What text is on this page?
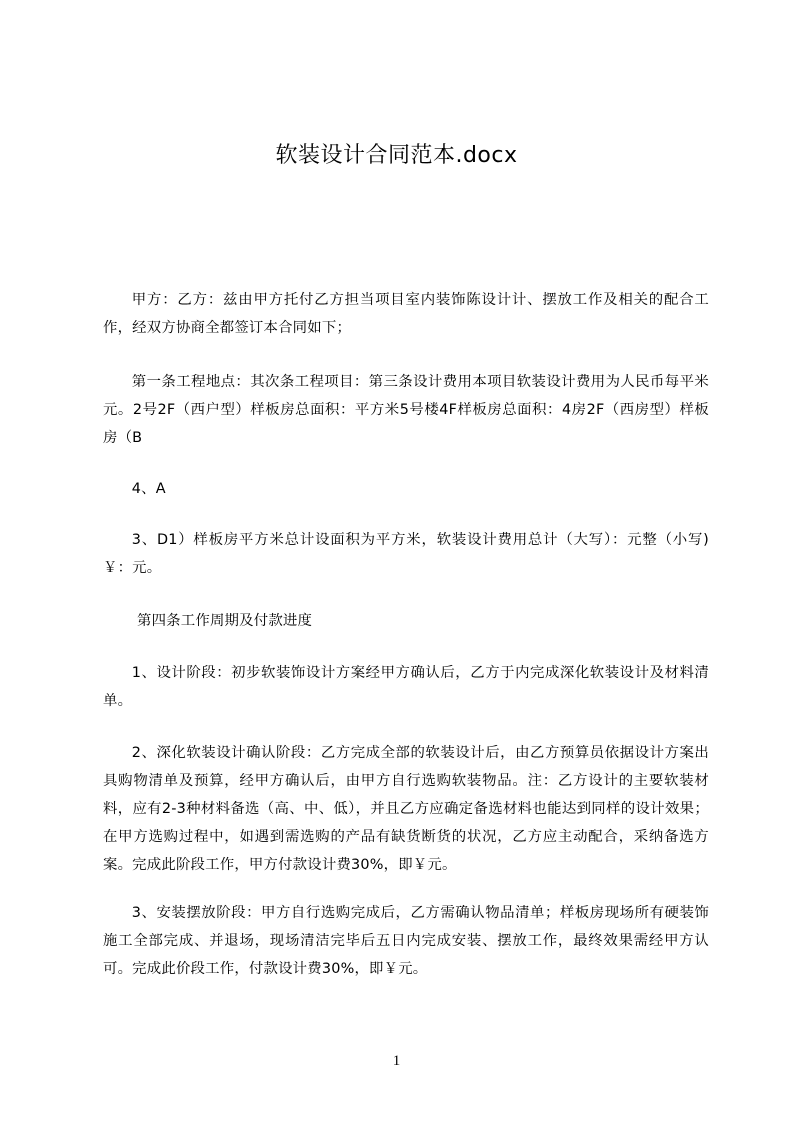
软装设计合同范本.docx

甲方：乙方：兹由甲方托付乙方担当项目室内装饰陈设计计、摆放工作及相关的配合工作，经双方协商全都签订本合同如下；

第一条工程地点：其次条工程项目：第三条设计费用本项目软装设计费用为人民币每平米元。2号2F（西户型）样板房总面积：平方米5号楼4F样板房总面积：4房2F（西房型）样板房（B

4、A

3、D1）样板房平方米总计设面积为平方米，软装设计费用总计（大写）：元整（小写)￥：元。

第四条工作周期及付款进度

1、设计阶段：初步软装饰设计方案经甲方确认后，乙方于内完成深化软装设计及材料清单。

2、深化软装设计确认阶段：乙方完成全部的软装设计后，由乙方预算员依据设计方案出具购物清单及预算，经甲方确认后，由甲方自行选购软装物品。注：乙方设计的主要软装材料，应有2-3种材料备选（高、中、低），并且乙方应确定备选材料也能达到同样的设计效果；在甲方选购过程中，如遇到需选购的产品有缺货断货的状况，乙方应主动配合，采纳备选方案。完成此阶段工作，甲方付款设计费30%，即￥元。

3、安装摆放阶段：甲方自行选购完成后，乙方需确认物品清单；样板房现场所有硬装饰施工全部完成、并退场，现场清洁完毕后五日内完成安装、摆放工作，最终效果需经甲方认可。完成此价段工作，付款设计费30%，即￥元。

1
